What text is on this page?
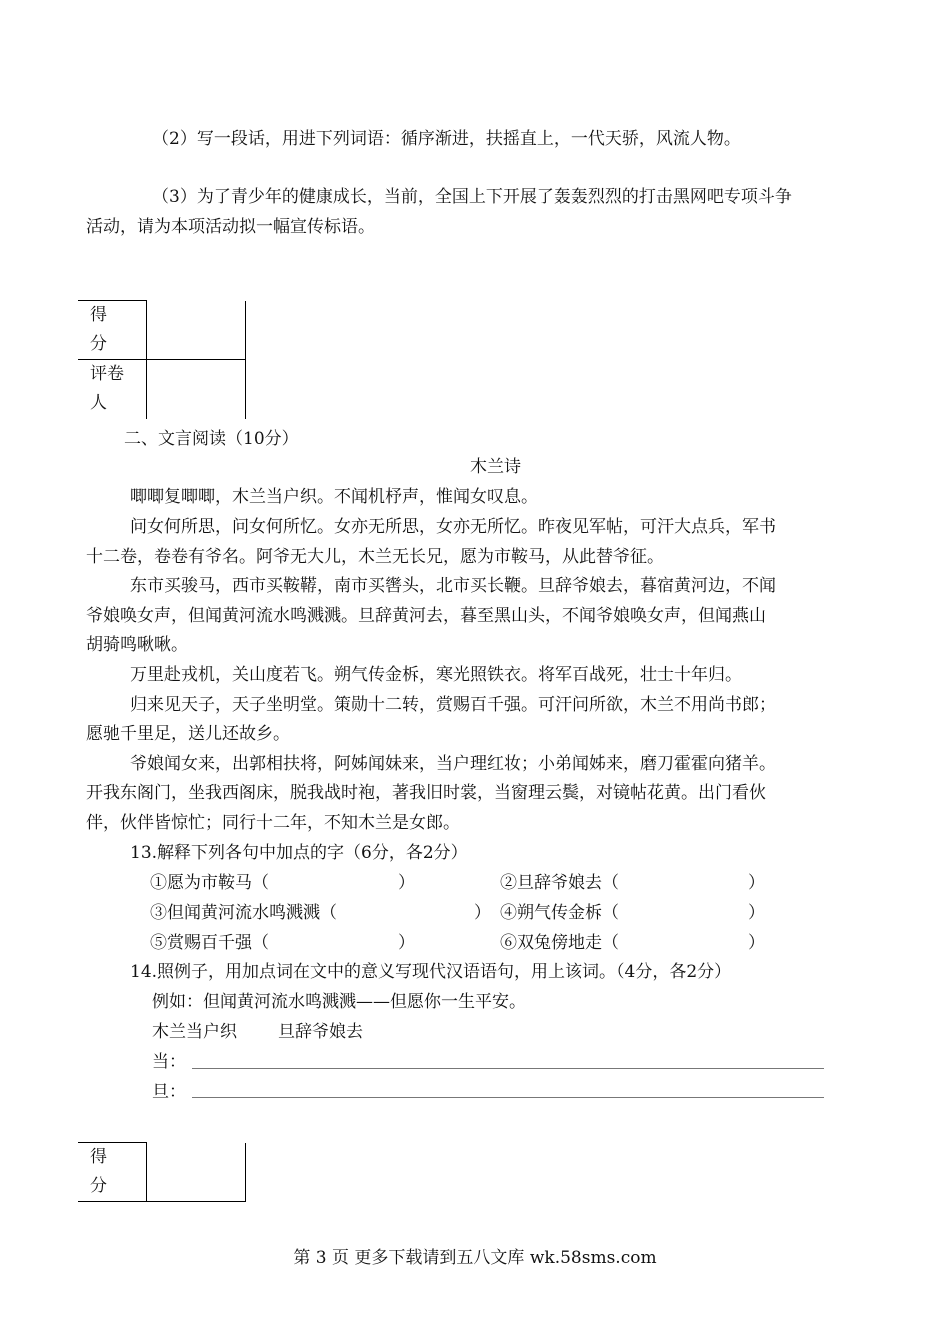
（2）写一段话，用进下列词语：循序渐进，扶摇直上，一代天骄，风流人物。
（3）为了青少年的健康成长，当前，全国上下开展了轰轰烈烈的打击黑网吧专项斗争
活动，请为本项活动拟一幅宣传标语。
得
分	

评卷
人	

二、文言阅读（10分）
木兰诗
唧唧复唧唧，木兰当户织。不闻机杼声，惟闻女叹息。
问女何所思，问女何所忆。女亦无所思，女亦无所忆。昨夜见军帖，可汗大点兵，军书
十二卷，卷卷有爷名。阿爷无大儿，木兰无长兄，愿为市鞍马，从此替爷征。
东市买骏马，西市买鞍鞯，南市买辔头，北市买长鞭。旦辞爷娘去，暮宿黄河边，不闻
爷娘唤女声，但闻黄河流水鸣溅溅。旦辞黄河去，暮至黑山头，不闻爷娘唤女声，但闻燕山
胡骑鸣啾啾。
万里赴戎机，关山度若飞。朔气传金柝，寒光照铁衣。将军百战死，壮士十年归。
归来见天子，天子坐明堂。策勋十二转，赏赐百千强。可汗问所欲，木兰不用尚书郎；
愿驰千里足，送儿还故乡。
爷娘闻女来，出郭相扶将，阿姊闻妹来，当户理红妆；小弟闻姊来，磨刀霍霍向猪羊。
开我东阁门，坐我西阁床，脱我战时袍，著我旧时裳，当窗理云鬓，对镜帖花黄。出门看伙
伴，伙伴皆惊忙；同行十二年，不知木兰是女郎。
13.解释下列各句中加点的字（6分，各2分）
①愿为市鞍马（	）	②旦辞爷娘去（	）
③但闻黄河流水鸣溅溅（	） ④朔气传金柝（	）
⑤赏赐百千强（	）	⑥双兔傍地走（	）
14.照例子，用加点词在文中的意义写现代汉语语句，用上该词。（4分，各2分）
例如：但闻黄河流水鸣溅溅——但愿你一生平安。
木兰当户织 旦辞爷娘去
当：
旦：
得
分

第 3 页 更多下载请到五八文库 wk.58sms.com
